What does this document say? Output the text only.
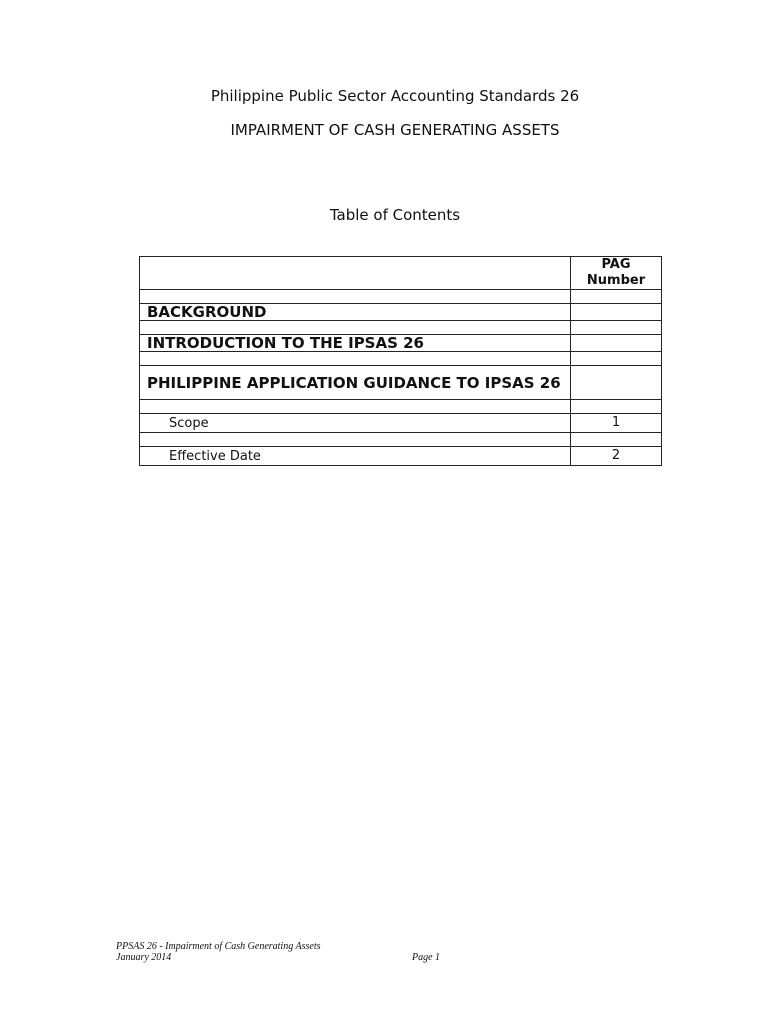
Philippine Public Sector Accounting Standards 26
IMPAIRMENT OF CASH GENERATING ASSETS
Table of Contents
	PAG Number

BACKGROUND	

INTRODUCTION TO THE IPSAS 26	

PHILIPPINE APPLICATION GUIDANCE TO IPSAS 26	

Scope	1

Effective Date	2
PPSAS 26 - Impairment of Cash Generating Assets
January 2014	Page 1
